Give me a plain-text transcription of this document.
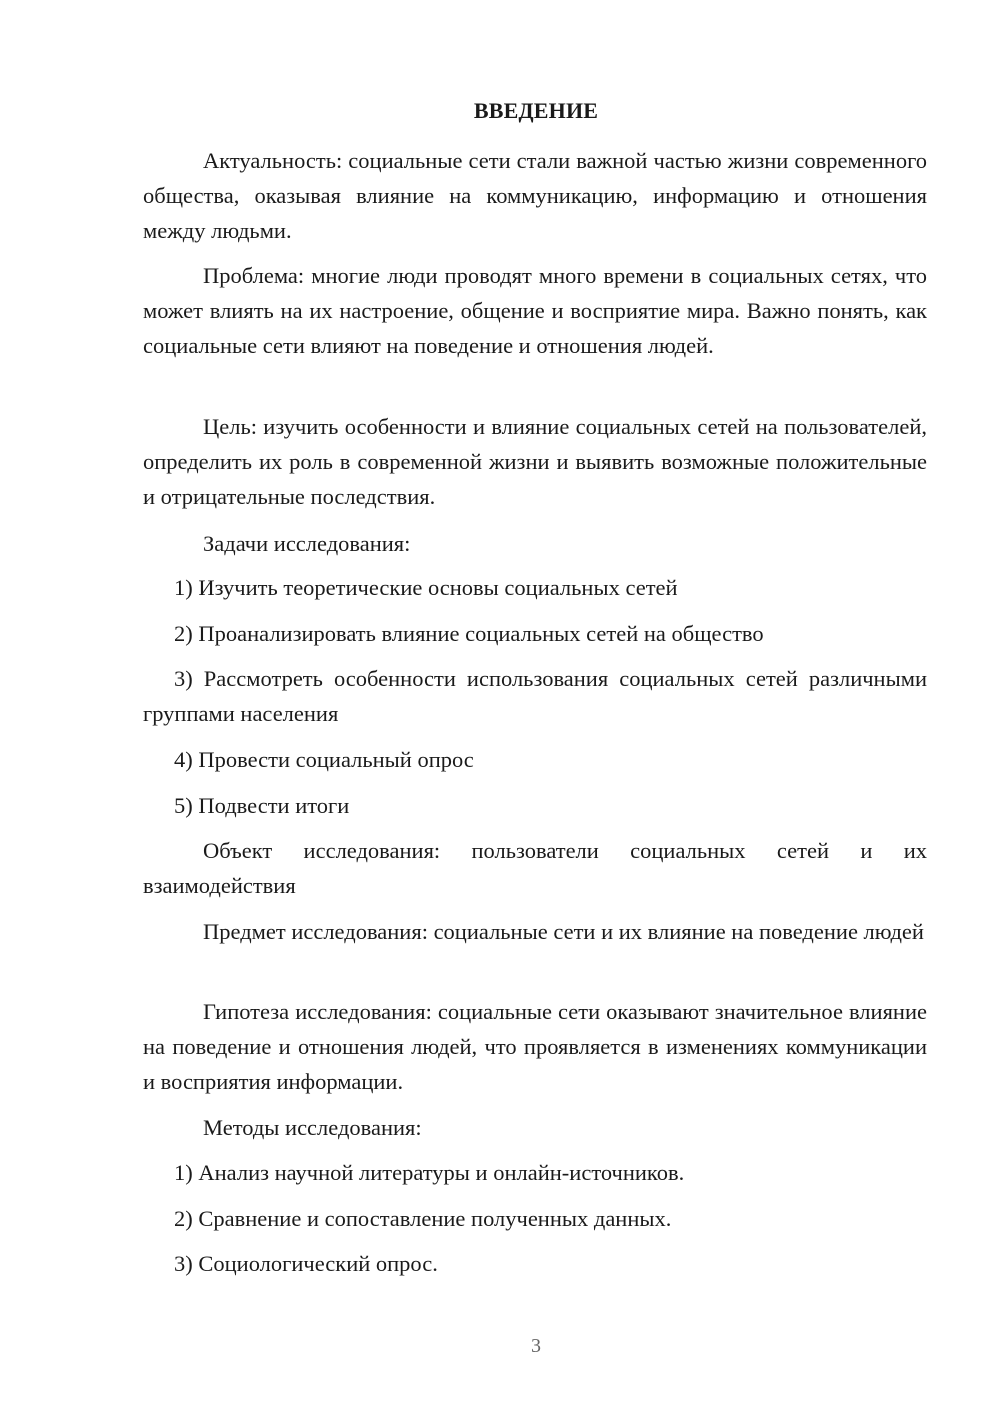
ВВЕДЕНИЕ

Актуальность: социальные сети стали важной частью жизни современного общества, оказывая влияние на коммуникацию, информацию и отношения между людьми.

Проблема: многие люди проводят много времени в социальных сетях, что может влиять на их настроение, общение и восприятие мира. Важно понять, как социальные сети влияют на поведение и отношения людей.

Цель: изучить особенности и влияние социальных сетей на пользователей, определить их роль в современной жизни и выявить возможные положительные и отрицательные последствия.

Задачи исследования:

1) Изучить теоретические основы социальных сетей

2) Проанализировать влияние социальных сетей на общество

3) Рассмотреть особенности использования социальных сетей различными группами населения

4) Провести социальный опрос

5) Подвести итоги

Объект исследования: пользователи социальных сетей и их взаимодействия

Предмет исследования: социальные сети и их влияние на поведение людей

Гипотеза исследования: социальные сети оказывают значительное влияние на поведение и отношения людей, что проявляется в изменениях коммуникации и восприятия информации.

Методы исследования:

1) Анализ научной литературы и онлайн-источников.

2) Сравнение и сопоставление полученных данных.

3) Социологический опрос.

3
